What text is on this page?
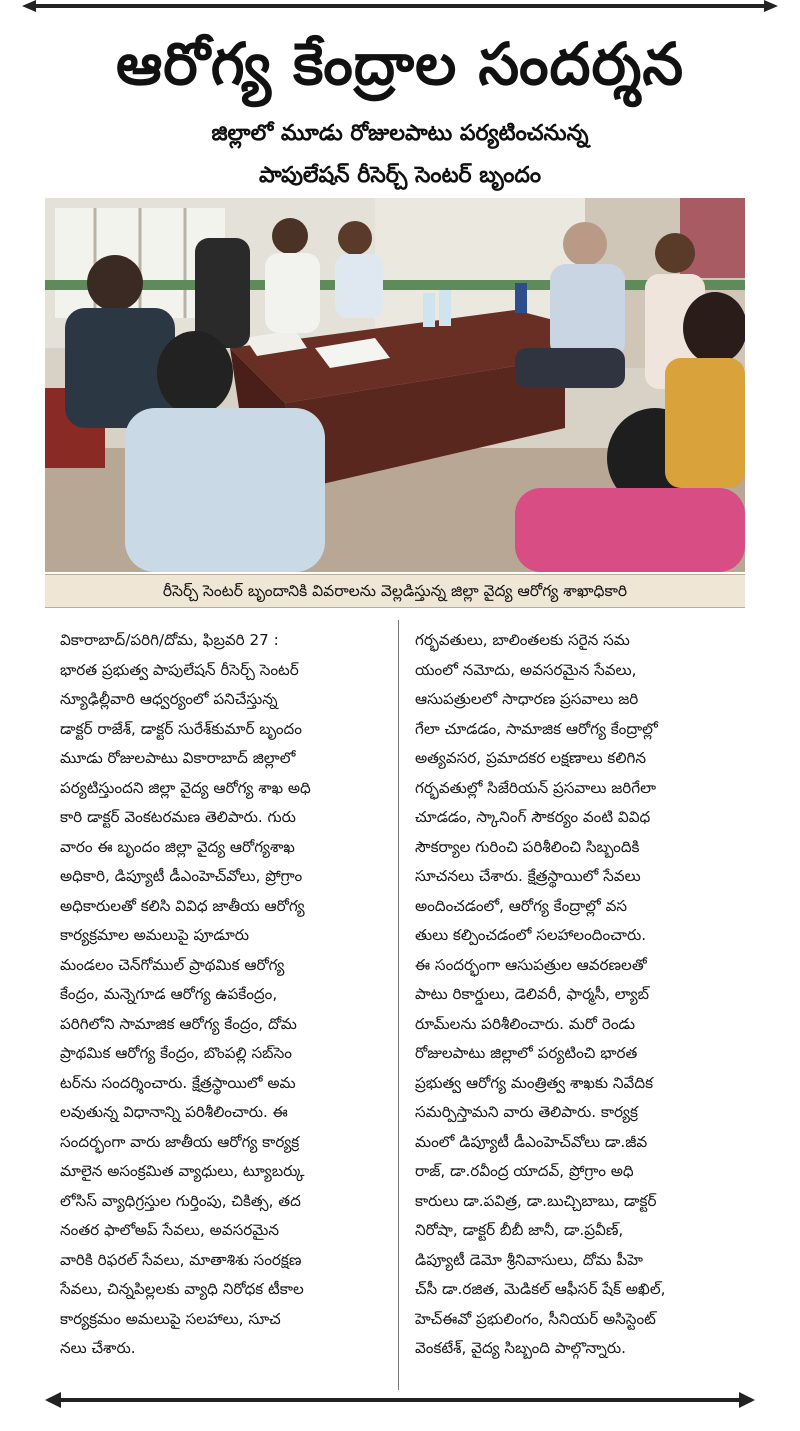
ఆరోగ్య కేంద్రాల సందర్శన
జిల్లాలో మూడు రోజులపాటు పర్యటించనున్న
పాపులేషన్ రీసెర్చ్ సెంటర్ బృందం
రీసెర్చ్ సెంటర్ బృందానికి వివరాలను వెల్లడిస్తున్న జిల్లా వైద్య ఆరోగ్య శాఖాధికారి

వికారాబాద్/పరిగి/దోమ, ఫిబ్రవరి 27 :
భారత ప్రభుత్వ పాపులేషన్ రీసెర్చ్ సెంటర్
న్యూఢిల్లీవారి ఆధ్వర్యంలో పనిచేస్తున్న
డాక్టర్ రాజేశ్, డాక్టర్ సురేశ్‌కుమార్ బృందం
మూడు రోజులపాటు వికారాబాద్ జిల్లాలో
పర్యటిస్తుందని జిల్లా వైద్య ఆరోగ్య శాఖ అధి
కారి డాక్టర్ వెంకటరమణ తెలిపారు. గురు
వారం ఈ బృందం జిల్లా వైద్య ఆరోగ్యశాఖ
అధికారి, డిప్యూటీ డీఎంహెచ్‌వోలు, ప్రోగ్రాం
అధికారులతో కలిసి వివిధ జాతీయ ఆరోగ్య
కార్యక్రమాల అమలుపై పూడూరు
మండలం చెన్‌గోముల్ ప్రాథమిక ఆరోగ్య
కేంద్రం, మన్నెగూడ ఆరోగ్య ఉపకేంద్రం,
పరిగిలోని సామాజిక ఆరోగ్య కేంద్రం, దోమ
ప్రాథమిక ఆరోగ్య కేంద్రం, బొంపల్లి సబ్‌సెం
టర్‌ను సందర్శించారు. క్షేత్రస్థాయిలో అమ
లవుతున్న విధానాన్ని పరిశీలించారు. ఈ
సందర్భంగా వారు జాతీయ ఆరోగ్య కార్యక్ర
మాలైన అసంక్రమిత వ్యాధులు, ట్యూబర్కు
లోసిస్ వ్యాధిగ్రస్తుల గుర్తింపు, చికిత్స, తద
నంతర ఫాలోఅప్ సేవలు, అవసరమైన
వారికి రిఫరల్ సేవలు, మాతాశిశు సంరక్షణ
సేవలు, చిన్నపిల్లలకు వ్యాధి నిరోధక టీకాల
కార్యక్రమం అమలుపై సలహాలు, సూచ
నలు చేశారు.

గర్భవతులు, బాలింతలకు సరైన సమ
యంలో నమోదు, అవసరమైన సేవలు,
ఆసుపత్రులలో సాధారణ ప్రసవాలు జరి
గేలా చూడడం, సామాజిక ఆరోగ్య కేంద్రాల్లో
అత్యవసర, ప్రమాదకర లక్షణాలు కలిగిన
గర్భవతుల్లో సిజేరియన్ ప్రసవాలు జరిగేలా
చూడడం, స్కానింగ్ సౌకర్యం వంటి వివిధ
సౌకర్యాల గురించి పరిశీలించి సిబ్బందికి
సూచనలు చేశారు. క్షేత్రస్థాయిలో సేవలు
అందించడంలో, ఆరోగ్య కేంద్రాల్లో వస
తులు కల్పించడంలో సలహాలందించారు.
ఈ సందర్భంగా ఆసుపత్రుల ఆవరణలతో
పాటు రికార్డులు, డెలివరీ, ఫార్మసీ, ల్యాబ్
రూమ్‌లను పరిశీలించారు. మరో రెండు
రోజులపాటు జిల్లాలో పర్యటించి భారత
ప్రభుత్వ ఆరోగ్య మంత్రిత్వ శాఖకు నివేదిక
సమర్పిస్తామని వారు తెలిపారు. కార్యక్ర
మంలో డిప్యూటీ డీఎంహెచ్‌వోలు డా.జీవ
రాజ్, డా.రవీంద్ర యాదవ్, ప్రోగ్రాం అధి
కారులు డా.పవిత్ర, డా.బుచ్చిబాబు, డాక్టర్
నిరోషా, డాక్టర్ బీబీ జానీ, డా.ప్రవీణ్,
డిప్యూటీ డెమో శ్రీనివాసులు, దోమ పీహె
చ్‌సీ డా.రజిత, మెడికల్ ఆఫీసర్ షేక్ అఖిల్,
హెచ్‌ఈవో ప్రభులింగం, సీనియర్ అసిస్టెంట్
వెంకటేశ్, వైద్య సిబ్బంది పాల్గొన్నారు.
